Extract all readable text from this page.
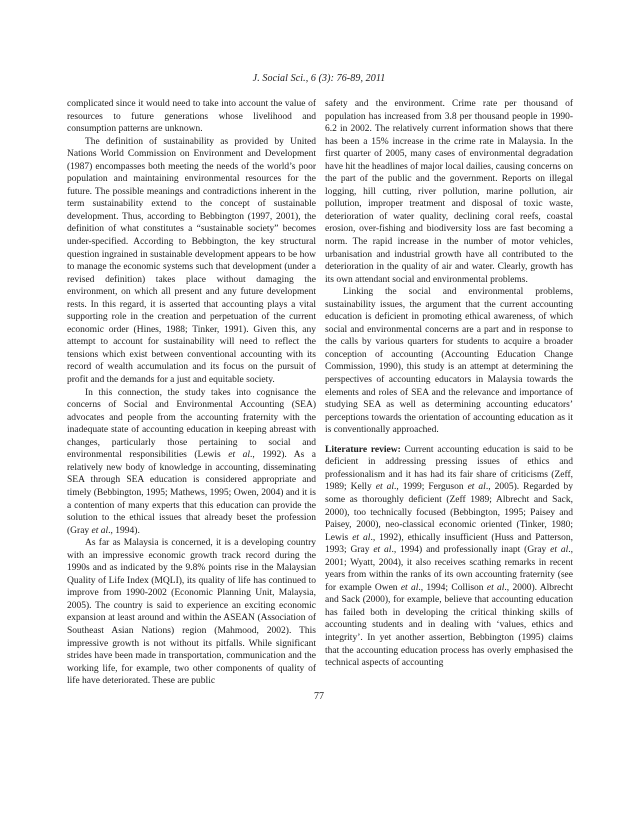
J. Social Sci., 6 (3): 76-89, 2011

complicated since it would need to take into account the value of resources to future generations whose livelihood and consumption patterns are unknown.

The definition of sustainability as provided by United Nations World Commission on Environment and Development (1987) encompasses both meeting the needs of the world’s poor population and maintaining environmental resources for the future. The possible meanings and contradictions inherent in the term sustainability extend to the concept of sustainable development. Thus, according to Bebbington (1997, 2001), the definition of what constitutes a “sustainable society” becomes under-specified. According to Bebbington, the key structural question ingrained in sustainable development appears to be how to manage the economic systems such that development (under a revised definition) takes place without damaging the environment, on which all present and any future development rests. In this regard, it is asserted that accounting plays a vital supporting role in the creation and perpetuation of the current economic order (Hines, 1988; Tinker, 1991). Given this, any attempt to account for sustainability will need to reflect the tensions which exist between conventional accounting with its record of wealth accumulation and its focus on the pursuit of profit and the demands for a just and equitable society.

In this connection, the study takes into cognisance the concerns of Social and Environmental Accounting (SEA) advocates and people from the accounting fraternity with the inadequate state of accounting education in keeping abreast with changes, particularly those pertaining to social and environmental responsibilities (Lewis et al., 1992). As a relatively new body of knowledge in accounting, disseminating SEA through SEA education is considered appropriate and timely (Bebbington, 1995; Mathews, 1995; Owen, 2004) and it is a contention of many experts that this education can provide the solution to the ethical issues that already beset the profession (Gray et al., 1994).

As far as Malaysia is concerned, it is a developing country with an impressive economic growth track record during the 1990s and as indicated by the 9.8% points rise in the Malaysian Quality of Life Index (MQLI), its quality of life has continued to improve from 1990-2002 (Economic Planning Unit, Malaysia, 2005). The country is said to experience an exciting economic expansion at least around and within the ASEAN (Association of Southeast Asian Nations) region (Mahmood, 2002). This impressive growth is not without its pitfalls. While significant strides have been made in transportation, communication and the working life, for example, two other components of quality of life have deteriorated. These are public

safety and the environment. Crime rate per thousand of population has increased from 3.8 per thousand people in 1990- 6.2 in 2002. The relatively current information shows that there has been a 15% increase in the crime rate in Malaysia. In the first quarter of 2005, many cases of environmental degradation have hit the headlines of major local dailies, causing concerns on the part of the public and the government. Reports on illegal logging, hill cutting, river pollution, marine pollution, air pollution, improper treatment and disposal of toxic waste, deterioration of water quality, declining coral reefs, coastal erosion, over-fishing and biodiversity loss are fast becoming a norm. The rapid increase in the number of motor vehicles, urbanisation and industrial growth have all contributed to the deterioration in the quality of air and water. Clearly, growth has its own attendant social and environmental problems.

Linking the social and environmental problems, sustainability issues, the argument that the current accounting education is deficient in promoting ethical awareness, of which social and environmental concerns are a part and in response to the calls by various quarters for students to acquire a broader conception of accounting (Accounting Education Change Commission, 1990), this study is an attempt at determining the perspectives of accounting educators in Malaysia towards the elements and roles of SEA and the relevance and importance of studying SEA as well as determining accounting educators’ perceptions towards the orientation of accounting education as it is conventionally approached.

Literature review: Current accounting education is said to be deficient in addressing pressing issues of ethics and professionalism and it has had its fair share of criticisms (Zeff, 1989; Kelly et al., 1999; Ferguson et al., 2005). Regarded by some as thoroughly deficient (Zeff 1989; Albrecht and Sack, 2000), too technically focused (Bebbington, 1995; Paisey and Paisey, 2000), neo-classical economic oriented (Tinker, 1980; Lewis et al., 1992), ethically insufficient (Huss and Patterson, 1993; Gray et al., 1994) and professionally inapt (Gray et al., 2001; Wyatt, 2004), it also receives scathing remarks in recent years from within the ranks of its own accounting fraternity (see for example Owen et al., 1994; Collison et al., 2000). Albrecht and Sack (2000), for example, believe that accounting education has failed both in developing the critical thinking skills of accounting students and in dealing with ‘values, ethics and integrity’. In yet another assertion, Bebbington (1995) claims that the accounting education process has overly emphasised the technical aspects of accounting

77
